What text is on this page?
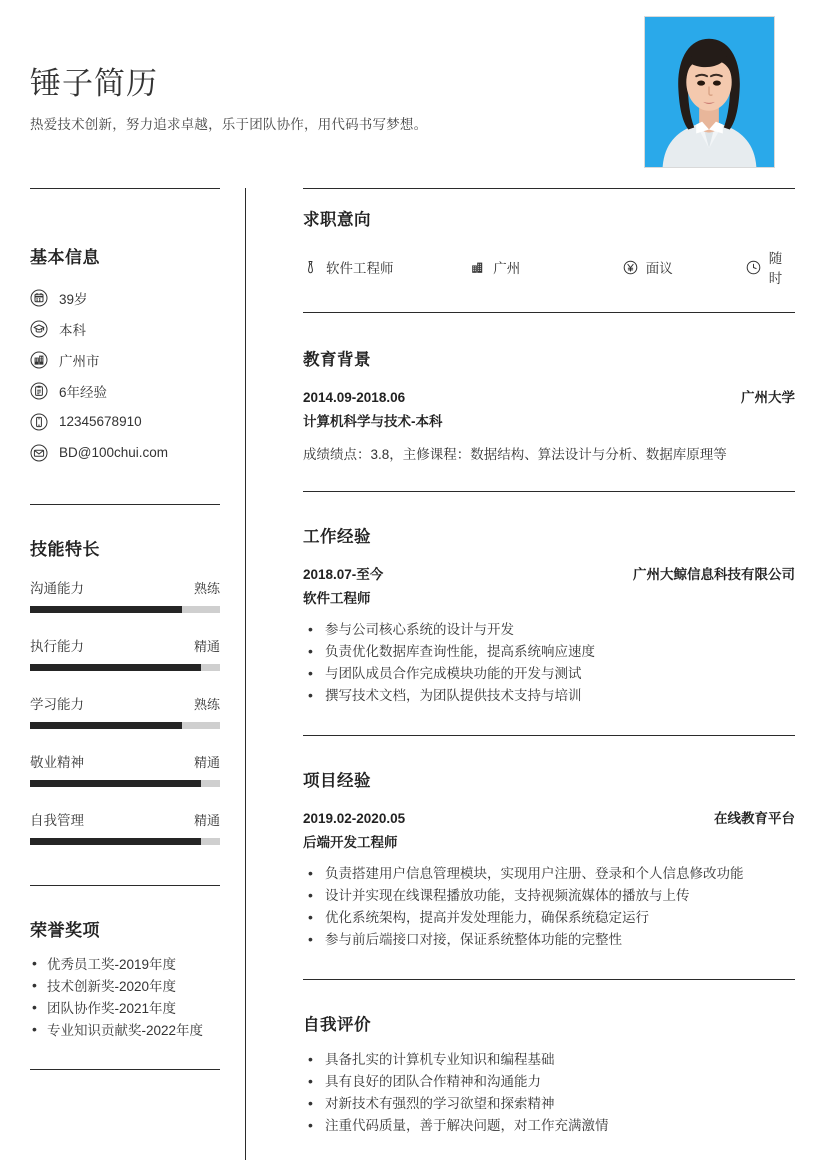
锤子简历
热爱技术创新，努力追求卓越，乐于团队协作，用代码书写梦想。
基本信息
39岁
本科
广州市
6年经验
12345678910
BD@100chui.com
技能特长
沟通能力	熟练
执行能力	精通
学习能力	熟练
敬业精神	精通
自我管理	精通
荣誉奖项
• 优秀员工奖-2019年度
• 技术创新奖-2020年度
• 团队协作奖-2021年度
• 专业知识贡献奖-2022年度
求职意向
软件工程师	广州	面议
随时
教育背景
2014.09-2018.06	广州大学
计算机科学与技术-本科
成绩绩点：3.8，主修课程：数据结构、算法设计与分析、数据库原理等
工作经验
2018.07-至今	广州大鲸信息科技有限公司
软件工程师
• 参与公司核心系统的设计与开发
• 负责优化数据库查询性能，提高系统响应速度
• 与团队成员合作完成模块功能的开发与测试
• 撰写技术文档，为团队提供技术支持与培训
项目经验
2019.02-2020.05	在线教育平台
后端开发工程师
• 负责搭建用户信息管理模块，实现用户注册、登录和个人信息修改功能
• 设计并实现在线课程播放功能，支持视频流媒体的播放与上传
• 优化系统架构，提高并发处理能力，确保系统稳定运行
• 参与前后端接口对接，保证系统整体功能的完整性
自我评价
• 具备扎实的计算机专业知识和编程基础
• 具有良好的团队合作精神和沟通能力
• 对新技术有强烈的学习欲望和探索精神
• 注重代码质量，善于解决问题，对工作充满激情
